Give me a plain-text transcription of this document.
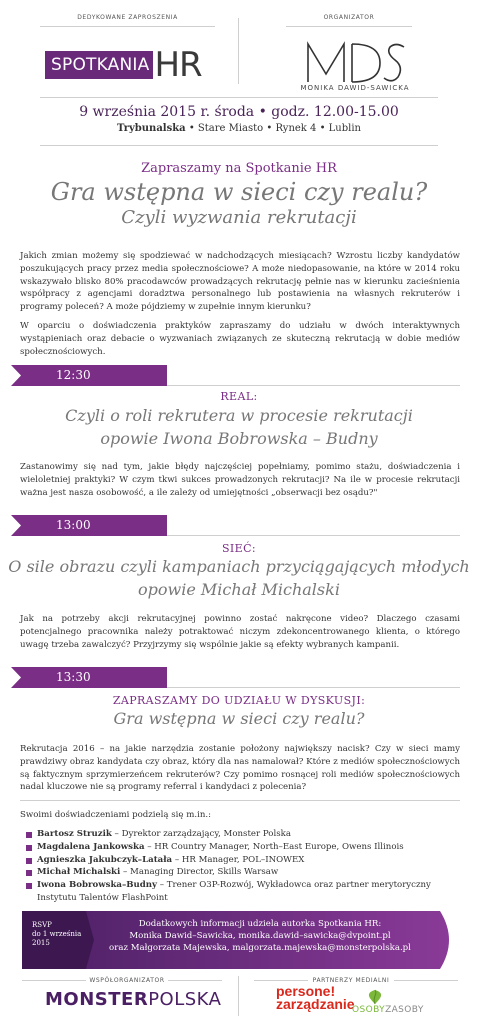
DEDYKOWANE ZAPROSZENIA	ORGANIZATOR
SPOTKANIA HR
MONIKA DAWID-SAWICKA
9 września 2015 r. środa • godz. 12.00-15.00
Trybunalska • Stare Miasto • Rynek 4 • Lublin
Zapraszamy na Spotkanie HR
Gra wstępna w sieci czy realu?
Czyli wyzwania rekrutacji
Jakich zmian możemy się spodziewać w nadchodzących miesiącach? Wzrostu liczby kandydatów poszukujących pracy przez media społecznościowe? A może niedopasowanie, na które w 2014 roku wskazywało blisko 80% pracodawców prowadzących rekrutację pełnie nas w kierunku zacieśnienia współpracy z agencjami doradztwa personalnego lub postawienia na własnych rekruterów i programy poleceń? A może pójdziemy w zupełnie innym kierunku?
W oparciu o doświadczenia praktyków zapraszamy do udziału w dwóch interaktywnych wystąpieniach oraz debacie o wyzwaniach związanych ze skuteczną rekrutacją w dobie mediów społecznościowych.
12:30
REAL:
Czyli o roli rekrutera w procesie rekrutacji
opowie Iwona Bobrowska – Budny
Zastanowimy się nad tym, jakie błędy najczęściej popełniamy, pomimo stażu, doświadczenia i wieloletniej praktyki? W czym tkwi sukces prowadzonych rekrutacji? Na ile w procesie rekrutacji ważna jest nasza osobowość, a ile zależy od umiejętności „obserwacji bez osądu?"
13:00
SIEĆ:
O sile obrazu czyli kampaniach przyciągających młodych
opowie Michał Michalski
Jak na potrzeby akcji rekrutacyjnej powinno zostać nakręcone video? Dlaczego czasami potencjalnego pracownika należy potraktować niczym zdekoncentrowanego klienta, o którego uwagę trzeba zawalczyć? Przyjrzymy się wspólnie jakie są efekty wybranych kampanii.
13:30
ZAPRASZAMY DO UDZIAŁU W DYSKUSJI:
Gra wstępna w sieci czy realu?
Rekrutacja 2016 – na jakie narzędzia zostanie położony największy nacisk? Czy w sieci mamy prawdziwy obraz kandydata czy obraz, który dla nas namalował? Które z mediów społecznościowych są faktycznym sprzymierzeńcem rekruterów? Czy pomimo rosnącej roli mediów społecznościowych nadal kluczowe nie są programy referral i kandydaci z polecenia?
Swoimi doświadczeniami podzielą się m.in.:
Bartosz Struzik – Dyrektor zarządzający, Monster Polska
Magdalena Jankowska – HR Country Manager, North–East Europe, Owens Illinois
Agnieszka Jakubczyk–Latała – HR Manager, POL–INOWEX
Michał Michalski – Managing Director, Skills Warsaw
Iwona Bobrowska–Budny – Trener O3P-Rozwój, Wykładowca oraz partner merytoryczny Instytutu Talentów FlashPoint
RSVP
do 1 września
2015
Dodatkowych informacji udziela autorka Spotkania HR:
Monika Dawid–Sawicka, monika.dawid–sawicka@dvpoint.pl
oraz Małgorzata Majewska, malgorzata.majewska@monsterpolska.pl
WSPÓŁORGANIZATOR	PARTNERZY MEDIALNI
MONSTERPOLSKA	persone!
zarządzanie
OSOBYZASOBY
